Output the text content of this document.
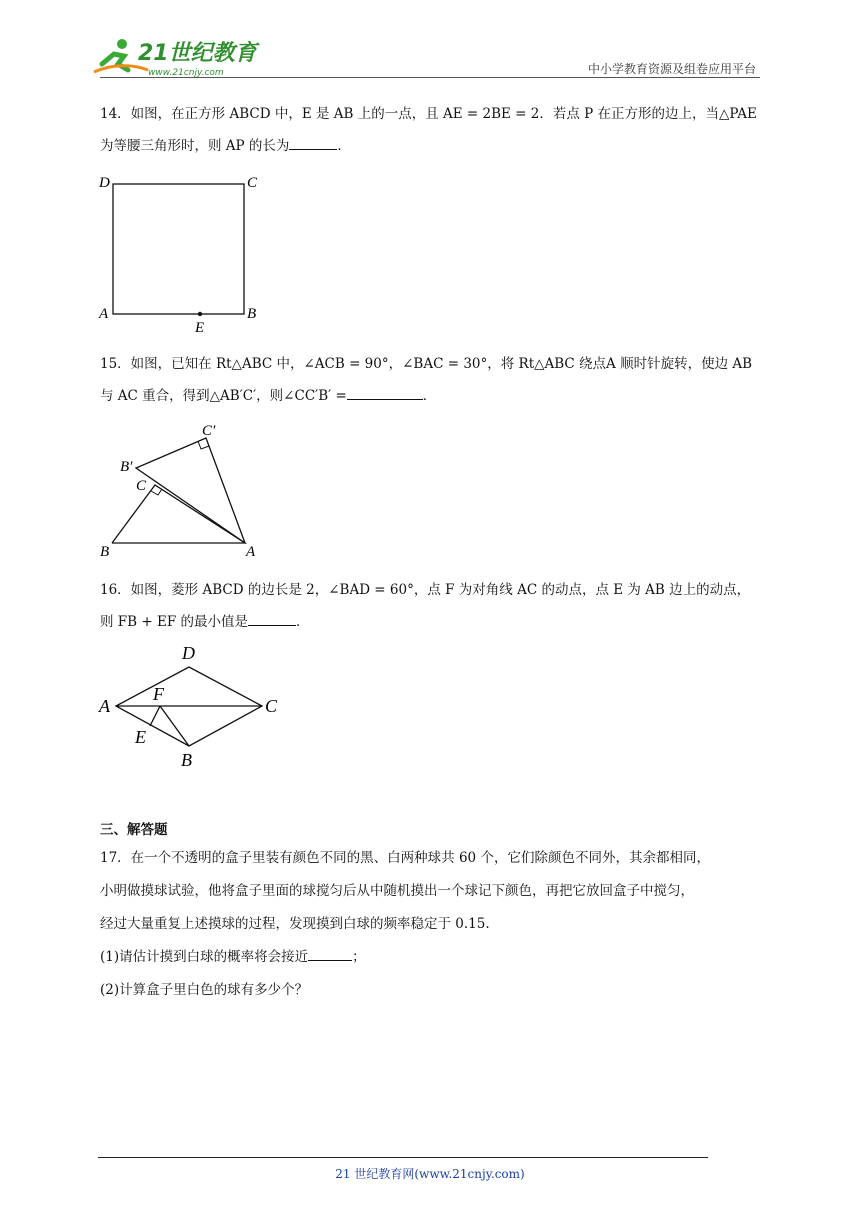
21世纪教育
www.21cnjy.com	中小学教育资源及组卷应用平台
14．如图，在正方形 ABCD 中，E 是 AB 上的一点，且 AE = 2BE = 2．若点 P 在正方形的边上，当△PAE
为等腰三角形时，则 AP 的长为	．
D	C
A	B
E
15．如图，已知在 Rt△ABC 中，∠ACB = 90°，∠BAC = 30°，将 Rt△ABC 绕点A 顺时针旋转，使边 AB
与 AC 重合，得到△AB′C′，则∠CC′B′ =	．
C′
B′
C
B	A
16．如图，菱形 ABCD 的边长是 2，∠BAD = 60°，点 F 为对角线 AC 的动点，点 E 为 AB 边上的动点，
则 FB + EF 的最小值是	．
D
A
F
C
E
B
三、解答题
17．在一个不透明的盒子里装有颜色不同的黑、白两种球共 60 个，它们除颜色不同外，其余都相同，
小明做摸球试验，他将盒子里面的球搅匀后从中随机摸出一个球记下颜色，再把它放回盒子中搅匀，
经过大量重复上述摸球的过程，发现摸到白球的频率稳定于 0.15.
(1)请估计摸到白球的概率将会接近	；
(2)计算盒子里白色的球有多少个？
21 世纪教育网(www.21cnjy.com)
